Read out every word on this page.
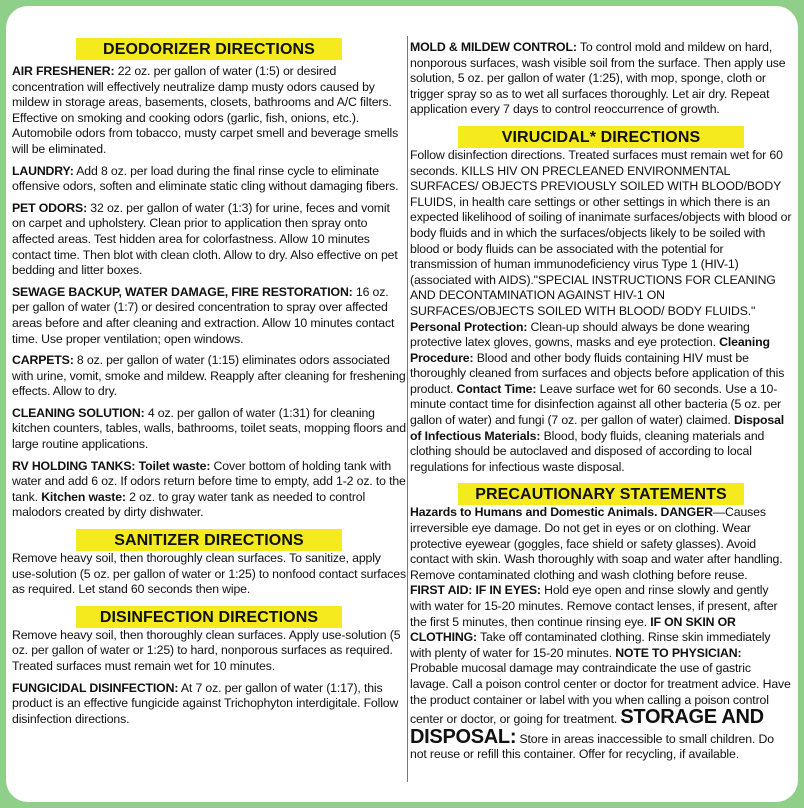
DEODORIZER DIRECTIONS

AIR FRESHENER: 22 oz. per gallon of water (1:5) or desired concentration will effectively neutralize damp musty odors caused by mildew in storage areas, basements, closets, bathrooms and A/C filters. Effective on smoking and cooking odors (garlic, fish, onions, etc.). Automobile odors from tobacco, musty carpet smell and beverage smells will be eliminated.

LAUNDRY: Add 8 oz. per load during the final rinse cycle to eliminate offensive odors, soften and eliminate static cling without damaging fibers.

PET ODORS: 32 oz. per gallon of water (1:3) for urine, feces and vomit on carpet and upholstery. Clean prior to application then spray onto affected areas. Test hidden area for colorfastness. Allow 10 minutes contact time. Then blot with clean cloth. Allow to dry. Also effective on pet bedding and litter boxes.

SEWAGE BACKUP, WATER DAMAGE, FIRE RESTORATION: 16 oz. per gallon of water (1:7) or desired concentration to spray over affected areas before and after cleaning and extraction. Allow 10 minutes contact time. Use proper ventilation; open windows.

CARPETS: 8 oz. per gallon of water (1:15) eliminates odors associated with urine, vomit, smoke and mildew. Reapply after cleaning for freshening effects. Allow to dry.

CLEANING SOLUTION: 4 oz. per gallon of water (1:31) for cleaning kitchen counters, tables, walls, bathrooms, toilet seats, mopping floors and large routine applications.

RV HOLDING TANKS: Toilet waste: Cover bottom of holding tank with water and add 6 oz. If odors return before time to empty, add 1-2 oz. to the tank. Kitchen waste: 2 oz. to gray water tank as needed to control malodors created by dirty dishwater.

SANITIZER DIRECTIONS

Remove heavy soil, then thoroughly clean surfaces. To sanitize, apply use-solution (5 oz. per gallon of water or 1:25) to nonfood contact surfaces as required. Let stand 60 seconds then wipe.

DISINFECTION DIRECTIONS

Remove heavy soil, then thoroughly clean surfaces. Apply use-solution (5 oz. per gallon of water or 1:25) to hard, nonporous surfaces as required. Treated surfaces must remain wet for 10 minutes.

FUNGICIDAL DISINFECTION: At 7 oz. per gallon of water (1:17), this product is an effective fungicide against Trichophyton interdigitale. Follow disinfection directions.

MOLD & MILDEW CONTROL: To control mold and mildew on hard, nonporous surfaces, wash visible soil from the surface. Then apply use solution, 5 oz. per gallon of water (1:25), with mop, sponge, cloth or trigger spray so as to wet all surfaces thoroughly. Let air dry. Repeat application every 7 days to control reoccurrence of growth.

VIRUCIDAL* DIRECTIONS

Follow disinfection directions. Treated surfaces must remain wet for 60 seconds. KILLS HIV ON PRECLEANED ENVIRONMENTAL SURFACES/ OBJECTS PREVIOUSLY SOILED WITH BLOOD/BODY FLUIDS, in health care settings or other settings in which there is an expected likelihood of soiling of inanimate surfaces/objects with blood or body fluids and in which the surfaces/objects likely to be soiled with blood or body fluids can be associated with the potential for transmission of human immunodeficiency virus Type 1 (HIV-1)(associated with AIDS)."SPECIAL INSTRUCTIONS FOR CLEANING AND DECONTAMINATION AGAINST HIV-1 ON SURFACES/OBJECTS SOILED WITH BLOOD/ BODY FLUIDS." Personal Protection: Clean-up should always be done wearing protective latex gloves, gowns, masks and eye protection. Cleaning Procedure: Blood and other body fluids containing HIV must be thoroughly cleaned from surfaces and objects before application of this product. Contact Time: Leave surface wet for 60 seconds. Use a 10-minute contact time for disinfection against all other bacteria (5 oz. per gallon of water) and fungi (7 oz. per gallon of water) claimed. Disposal of Infectious Materials: Blood, body fluids, cleaning materials and clothing should be autoclaved and disposed of according to local regulations for infectious waste disposal.

PRECAUTIONARY STATEMENTS

Hazards to Humans and Domestic Animals. DANGER—Causes irreversible eye damage. Do not get in eyes or on clothing. Wear protective eyewear (goggles, face shield or safety glasses). Avoid contact with skin. Wash thoroughly with soap and water after handling. Remove contaminated clothing and wash clothing before reuse.

FIRST AID: IF IN EYES: Hold eye open and rinse slowly and gently with water for 15-20 minutes. Remove contact lenses, if present, after the first 5 minutes, then continue rinsing eye. IF ON SKIN OR CLOTHING: Take off contaminated clothing. Rinse skin immediately with plenty of water for 15-20 minutes. NOTE TO PHYSICIAN: Probable mucosal damage may contraindicate the use of gastric lavage. Call a poison control center or doctor for treatment advice. Have the product container or label with you when calling a poison control center or doctor, or going for treatment. STORAGE AND DISPOSAL: Store in areas inaccessible to small children. Do not reuse or refill this container. Offer for recycling, if available.
